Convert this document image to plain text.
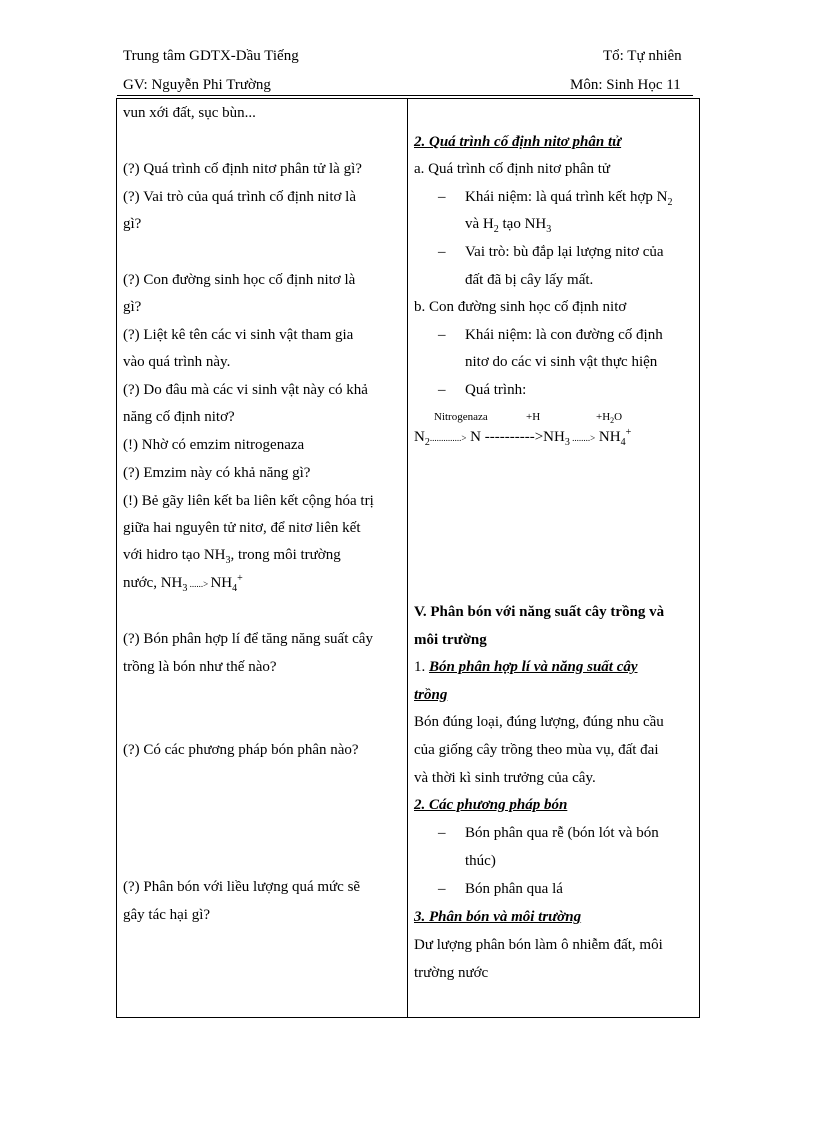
Trung tâm GDTX-Dầu Tiếng	Tổ: Tự nhiên
GV: Nguyễn Phi Trường	Môn: Sinh Học 11
vun xới đất, sục bùn...
(?) Quá trình cố định nitơ phân tử là gì?
(?) Vai trò của quá trình cố định nitơ là
gì?
(?) Con đường sinh học cố định nitơ là
gì?
(?) Liệt kê tên các vi sinh vật tham gia
vào quá trình này.
(?) Do đâu mà các vi sinh vật này có khả
năng cố định nitơ?
(!) Nhờ có emzim nitrogenaza
(?) Emzim này có khả năng gì?
(!) Bẻ gãy liên kết ba liên kết cộng hóa trị
giữa hai nguyên tử nitơ, để nitơ liên kết
với hidro tạo $NH_3$, trong môi trường
nước, $NH_3$ ......> $NH_4^+$
(?) Bón phân hợp lí để tăng năng suất cây
trồng là bón như thế nào?
(?) Có các phương pháp bón phân nào?
(?) Phân bón với liều lượng quá mức sẽ
gây tác hại gì?
2. Quá trình cố định nitơ phân tử
a. Quá trình cố định nitơ phân tử
– Khái niệm: là quá trình kết hợp $N_2$
và $H_2$ tạo $NH_3$
– Vai trò: bù đắp lại lượng nitơ của
đất đã bị cây lấy mất.
b. Con đường sinh học cố định nitơ
– Khái niệm: là con đường cố định
nitơ do các vi sinh vật thực hiện
– Quá trình:
Nitrogenaza	+H	$+H_2O$
$N_2..............> N$ $---------->NH_3$ ........> $NH_4^+$
V. Phân bón với năng suất cây trồng và
môi trường
1. Bón phân hợp lí và năng suất cây
trồng
Bón đúng loại, đúng lượng, đúng nhu cầu
của giống cây trồng theo mùa vụ, đất đai
và thời kì sinh trưởng của cây.
2. Các phương pháp bón
– Bón phân qua rễ (bón lót và bón
thúc)
– Bón phân qua lá
3. Phân bón và môi trường
Dư lượng phân bón làm ô nhiễm đất, môi
trường nước
